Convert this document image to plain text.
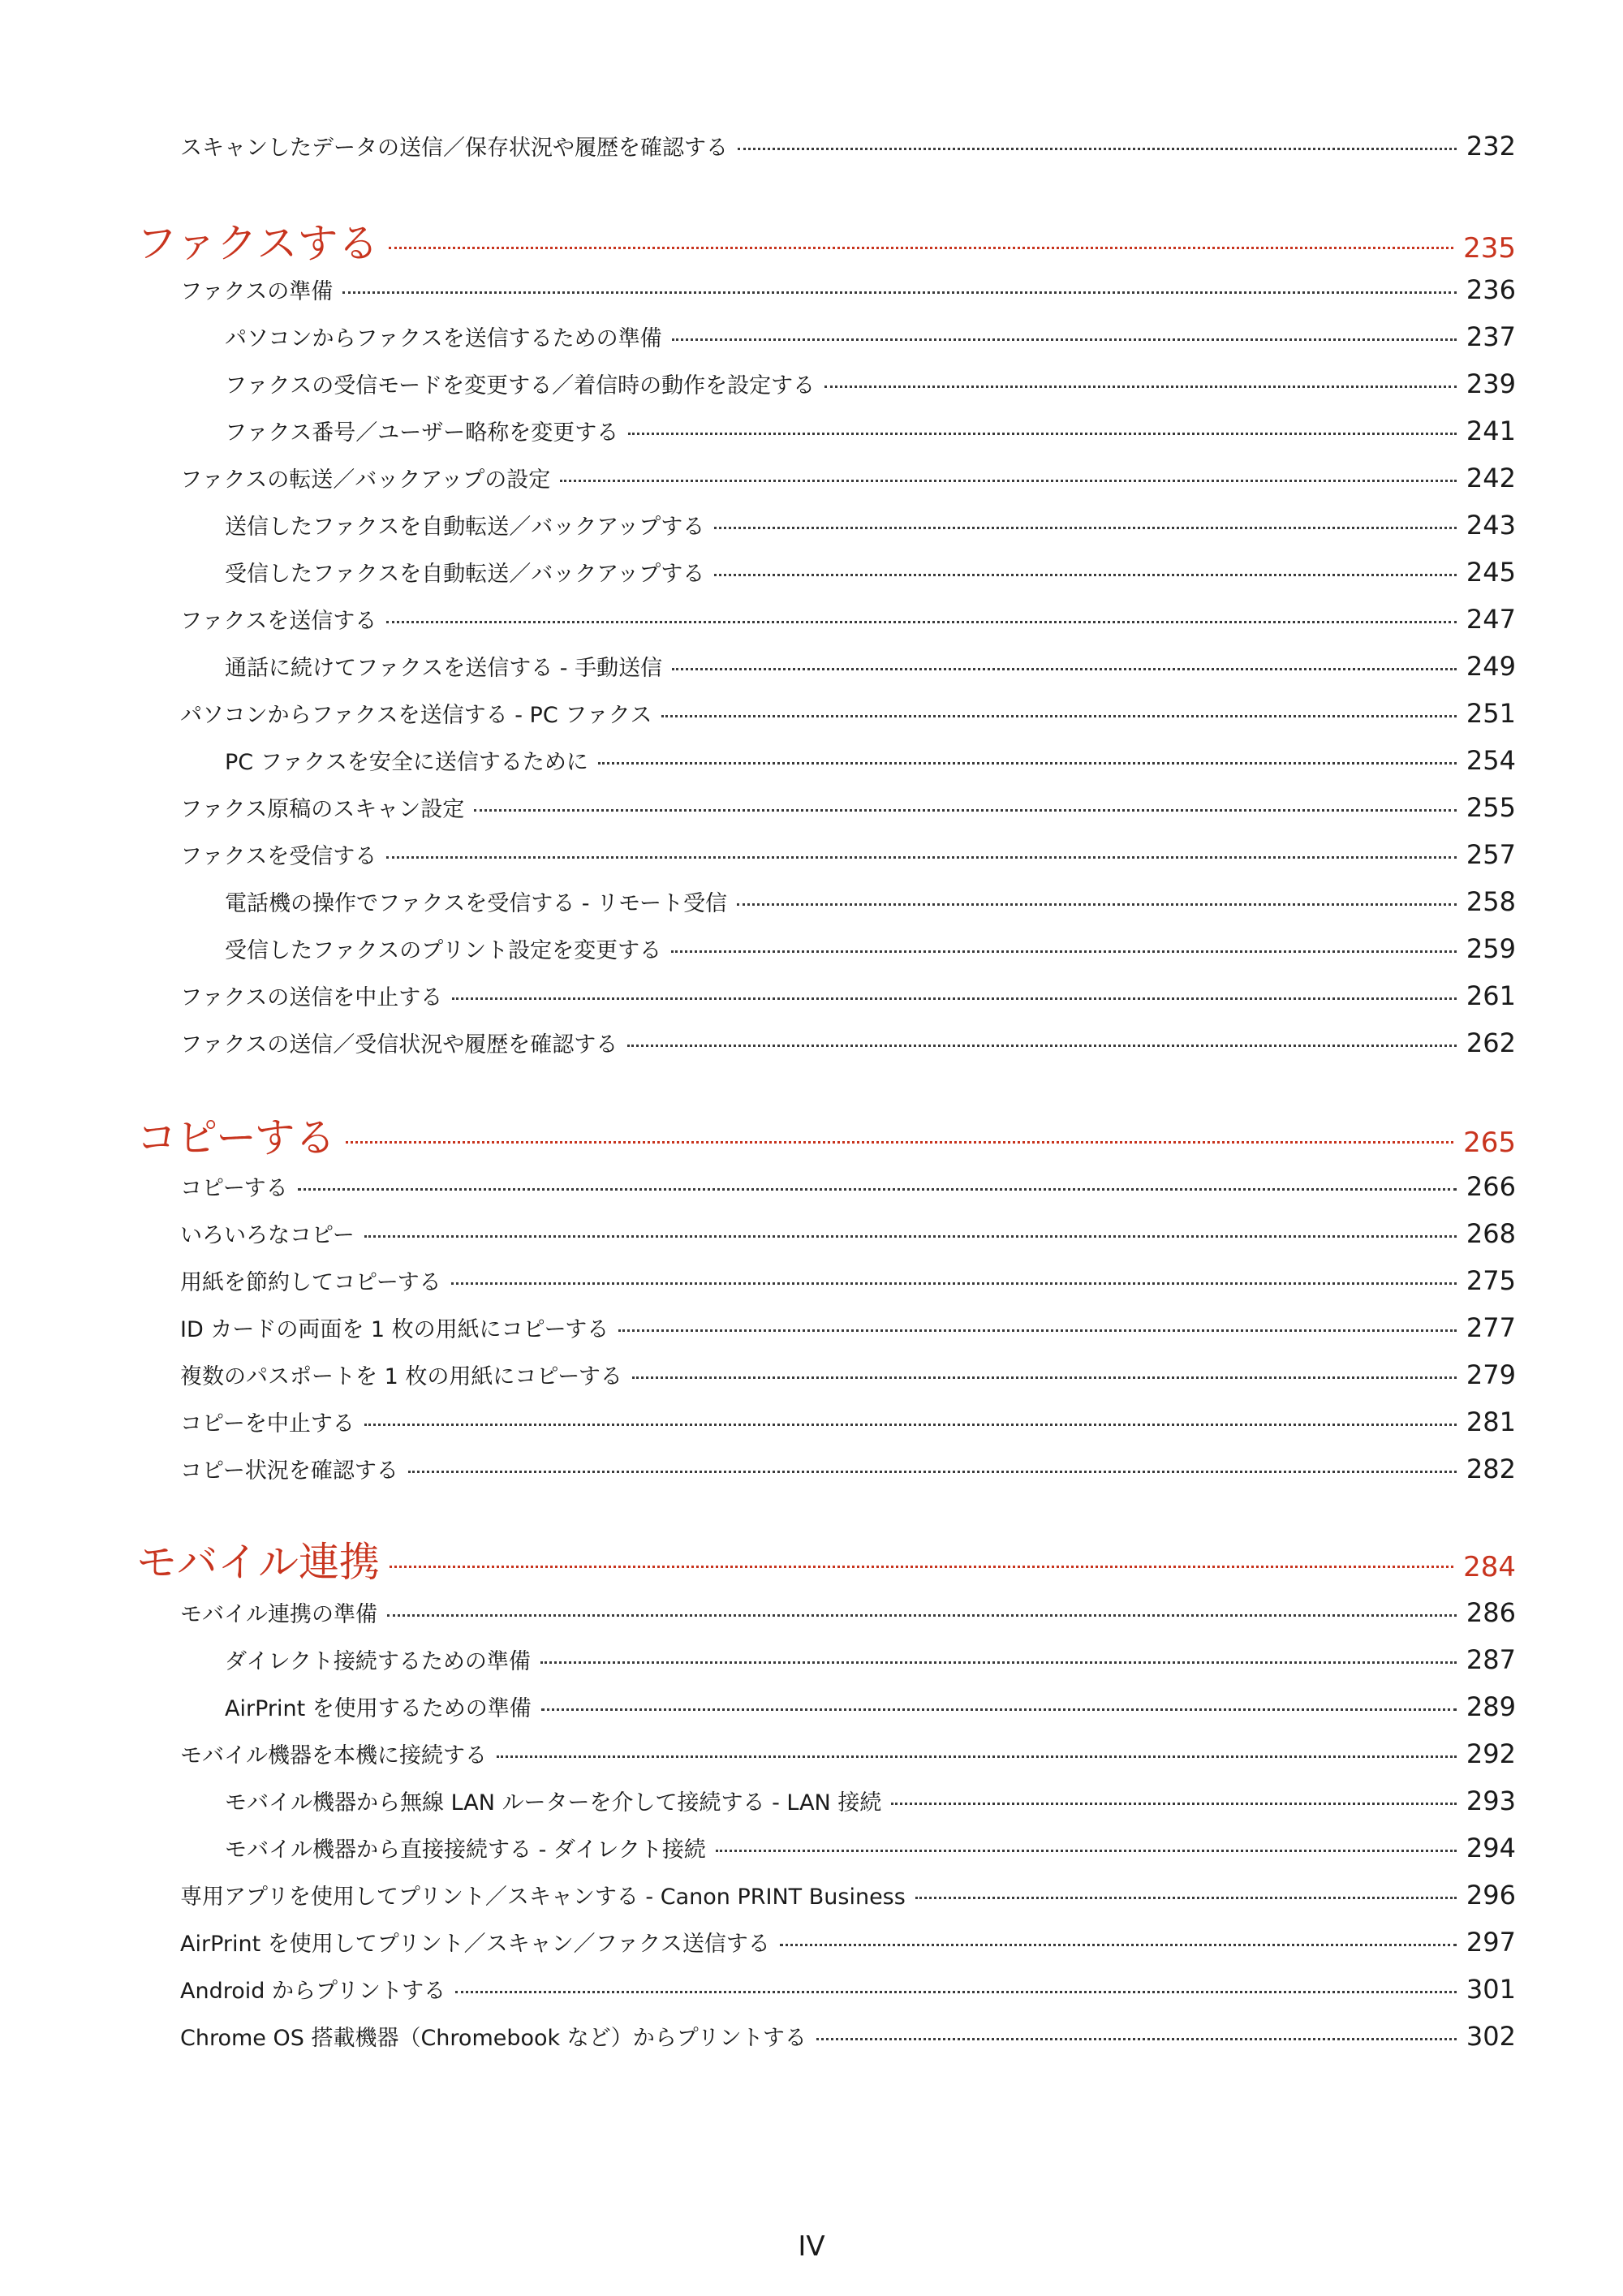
スキャンしたデータの送信／保存状況や履歴を確認する	232
ファクスする	235
ファクスの準備	236
パソコンからファクスを送信するための準備	237
ファクスの受信モードを変更する／着信時の動作を設定する	239
ファクス番号／ユーザー略称を変更する	241
ファクスの転送／バックアップの設定	242
送信したファクスを自動転送／バックアップする	243
受信したファクスを自動転送／バックアップする	245
ファクスを送信する	247
通話に続けてファクスを送信する - 手動送信	249
パソコンからファクスを送信する - PC ファクス	251
PC ファクスを安全に送信するために	254
ファクス原稿のスキャン設定	255
ファクスを受信する	257
電話機の操作でファクスを受信する - リモート受信	258
受信したファクスのプリント設定を変更する	259
ファクスの送信を中止する	261
ファクスの送信／受信状況や履歴を確認する	262
コピーする	265
コピーする	266
いろいろなコピー	268
用紙を節約してコピーする	275
ID カードの両面を 1 枚の用紙にコピーする	277
複数のパスポートを 1 枚の用紙にコピーする	279
コピーを中止する	281
コピー状況を確認する	282
モバイル連携	284
モバイル連携の準備	286
ダイレクト接続するための準備	287
AirPrint を使用するための準備	289
モバイル機器を本機に接続する	292
モバイル機器から無線 LAN ルーターを介して接続する - LAN 接続	293
モバイル機器から直接接続する - ダイレクト接続	294
専用アプリを使用してプリント／スキャンする - Canon PRINT Business	296
AirPrint を使用してプリント／スキャン／ファクス送信する	297
Android からプリントする	301
Chrome OS 搭載機器（Chromebook など）からプリントする	302
IV
